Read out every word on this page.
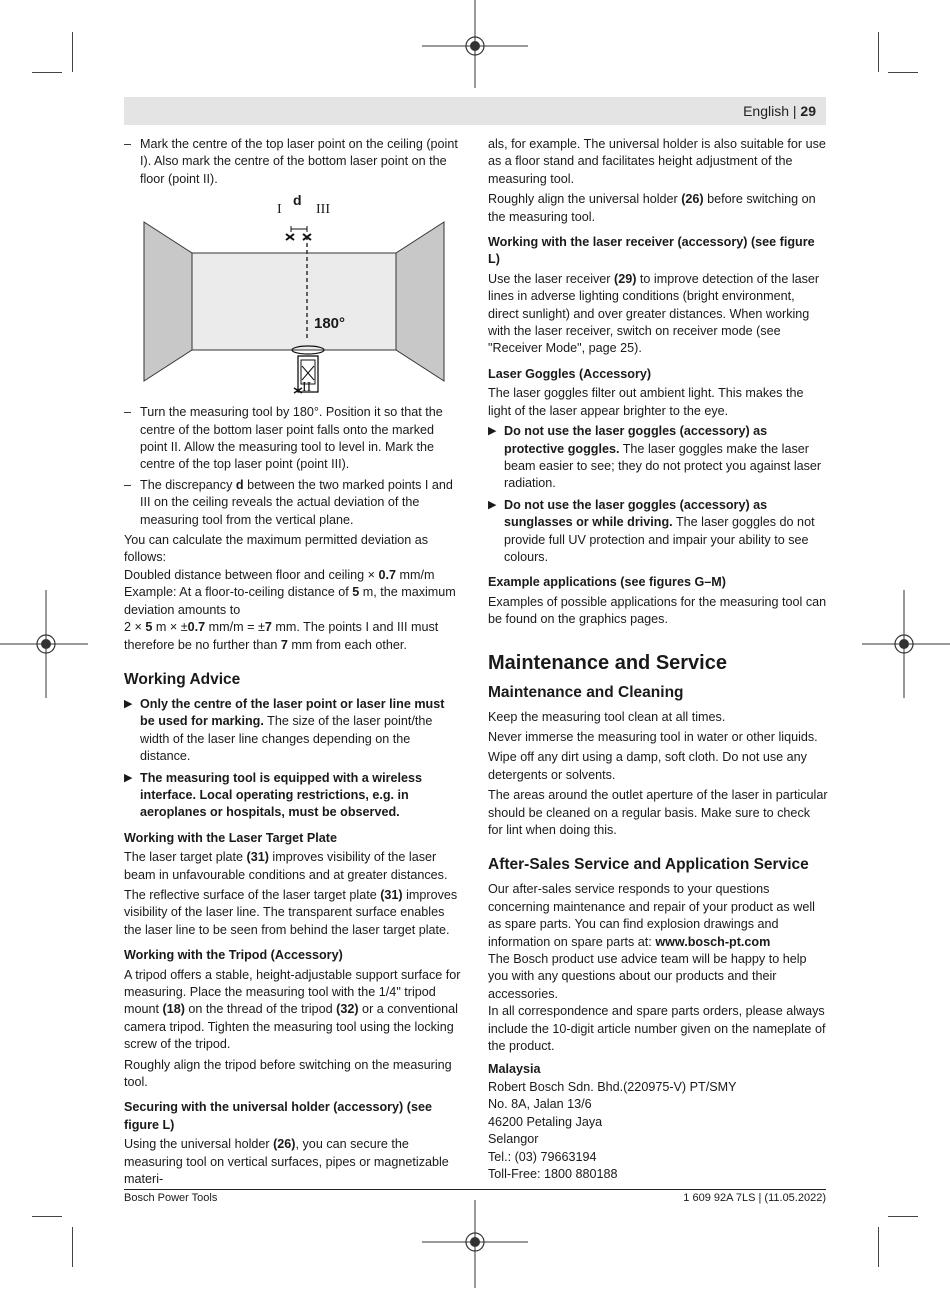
English | 29
– Mark the centre of the top laser point on the ceiling (point I). Also mark the centre of the bottom laser point on the floor (point II).
d
I III
180°
II
– Turn the measuring tool by 180°. Position it so that the centre of the bottom laser point falls onto the marked point II. Allow the measuring tool to level in. Mark the centre of the top laser point (point III).
– The discrepancy d between the two marked points I and III on the ceiling reveals the actual deviation of the measuring tool from the vertical plane.

You can calculate the maximum permitted deviation as follows:

Doubled distance between floor and ceiling × 0.7 mm/m

Example: At a floor-to-ceiling distance of 5 m, the maximum deviation amounts to

2 × 5 m × ±0.7 mm/m = ±7 mm. The points I and III must therefore be no further than 7 mm from each other.

Working Advice
▶ Only the centre of the laser point or laser line must be used for marking. The size of the laser point/the width of the laser line changes depending on the distance.
▶ The measuring tool is equipped with a wireless interface. Local operating restrictions, e.g. in aeroplanes or hospitals, must be observed.
Working with the Laser Target Plate

The laser target plate (31) improves visibility of the laser beam in unfavourable conditions and at greater distances.

The reflective surface of the laser target plate (31) improves visibility of the laser line. The transparent surface enables the laser line to be seen from behind the laser target plate.

Working with the Tripod (Accessory)

A tripod offers a stable, height-adjustable support surface for measuring. Place the measuring tool with the 1/4" tripod mount (18) on the thread of the tripod (32) or a conventional camera tripod. Tighten the measuring tool using the locking screw of the tripod.

Roughly align the tripod before switching on the measuring tool.

Securing with the universal holder (accessory) (see figure L)

Using the universal holder (26), you can secure the measuring tool on vertical surfaces, pipes or magnetizable materi-

als, for example. The universal holder is also suitable for use as a floor stand and facilitates height adjustment of the measuring tool.

Roughly align the universal holder (26) before switching on the measuring tool.

Working with the laser receiver (accessory) (see figure L)

Use the laser receiver (29) to improve detection of the laser lines in adverse lighting conditions (bright environment, direct sunlight) and over greater distances. When working with the laser receiver, switch on receiver mode (see "Receiver Mode", page 25).

Laser Goggles (Accessory)

The laser goggles filter out ambient light. This makes the light of the laser appear brighter to the eye.

▶ Do not use the laser goggles (accessory) as protective goggles. The laser goggles make the laser beam easier to see; they do not protect you against laser radiation.
▶ Do not use the laser goggles (accessory) as sunglasses or while driving. The laser goggles do not provide full UV protection and impair your ability to see colours.
Example applications (see figures G–M)

Examples of possible applications for the measuring tool can be found on the graphics pages.

Maintenance and Service
Maintenance and Cleaning

Keep the measuring tool clean at all times.

Never immerse the measuring tool in water or other liquids.

Wipe off any dirt using a damp, soft cloth. Do not use any detergents or solvents.

The areas around the outlet aperture of the laser in particular should be cleaned on a regular basis. Make sure to check for lint when doing this.

After-Sales Service and Application Service

Our after-sales service responds to your questions concerning maintenance and repair of your product as well as spare parts. You can find explosion drawings and information on spare parts at: www.bosch-pt.com

The Bosch product use advice team will be happy to help you with any questions about our products and their accessories.

In all correspondence and spare parts orders, please always include the 10-digit article number given on the nameplate of the product.

Malaysia

Robert Bosch Sdn. Bhd.(220975-V) PT/SMY

No. 8A, Jalan 13/6

46200 Petaling Jaya

Selangor

Tel.: (03) 79663194

Toll-Free: 1800 880188

Bosch Power Tools	1 609 92A 7LS | (11.05.2022)
